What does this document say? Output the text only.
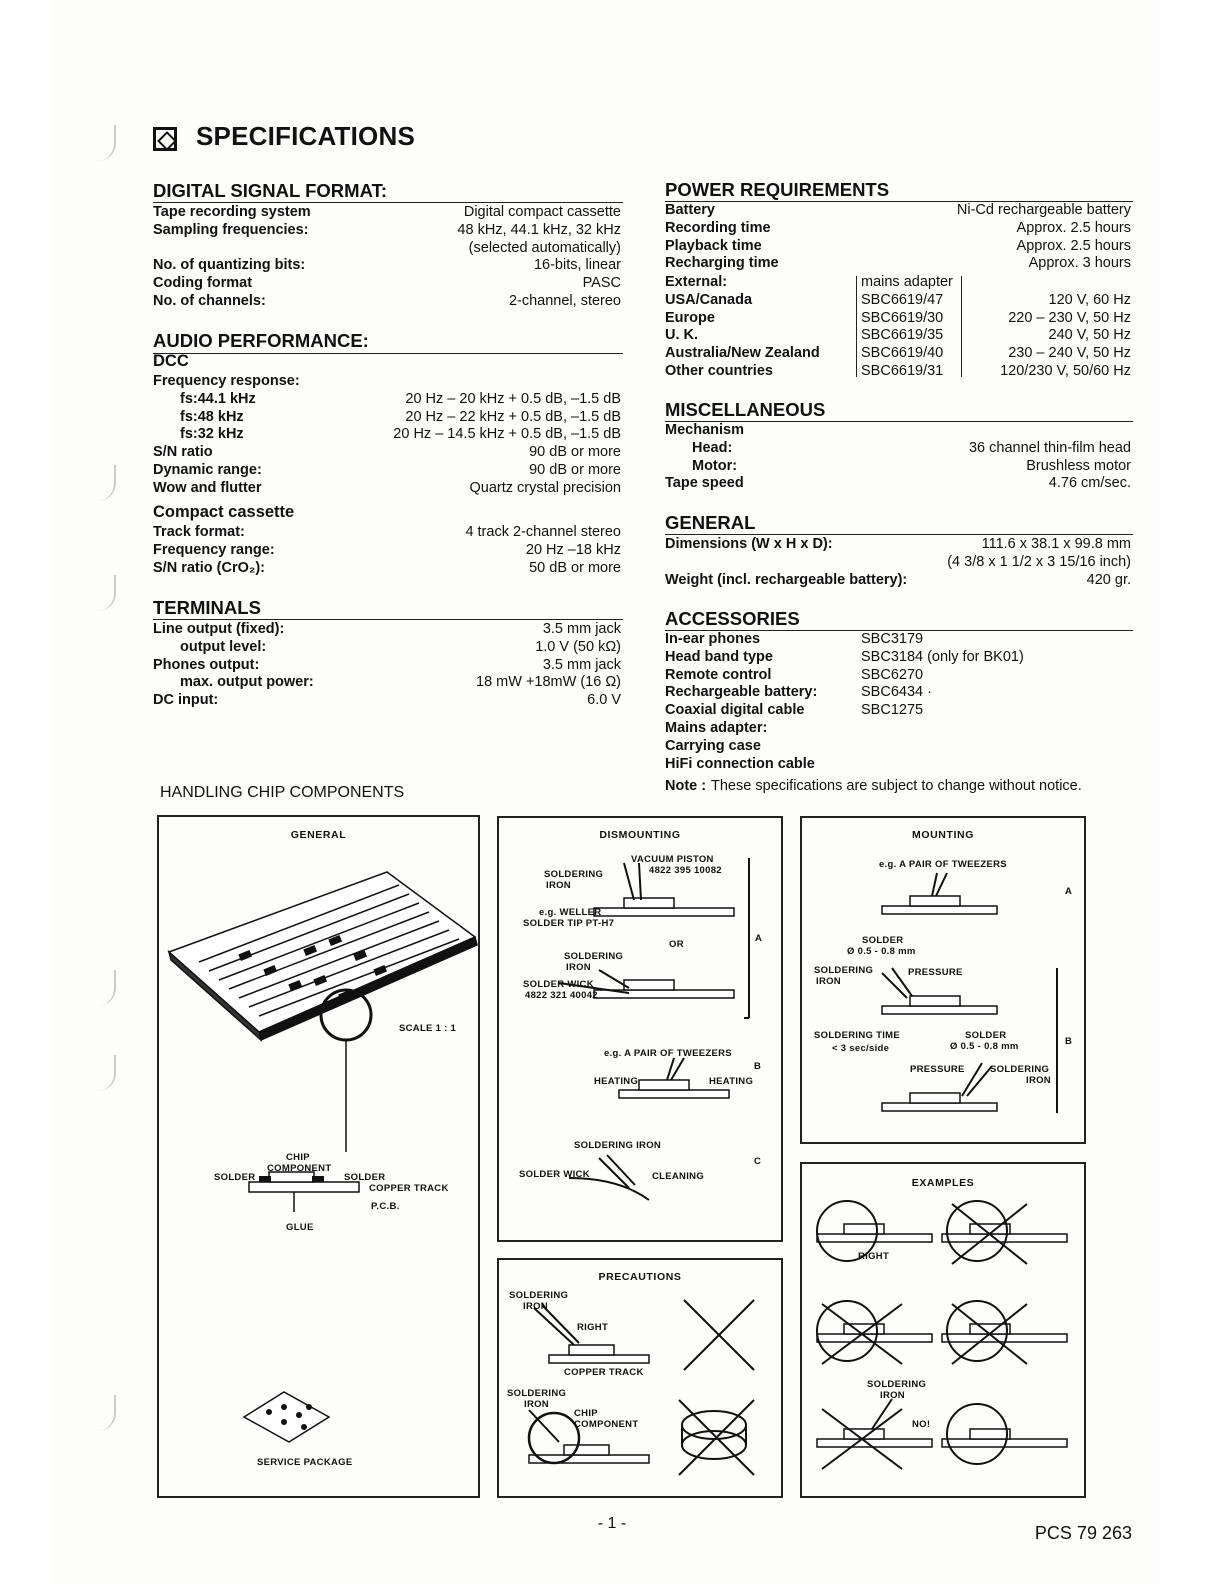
SPECIFICATIONS
DIGITAL SIGNAL FORMAT:
Tape recording system	Digital compact cassette
Sampling frequencies:	48 kHz, 44.1 kHz, 32 kHz
(selected automatically)
No. of quantizing bits:	16-bits, linear
Coding format	PASC
No. of channels:	2-channel, stereo
AUDIO PERFORMANCE:
DCC
Frequency response:
fs:44.1 kHz	20 Hz – 20 kHz + 0.5 dB, –1.5 dB
fs:48 kHz	20 Hz – 22 kHz + 0.5 dB, –1.5 dB
fs:32 kHz	20 Hz – 14.5 kHz + 0.5 dB, –1.5 dB
S/N ratio	90 dB or more
Dynamic range:	90 dB or more
Wow and flutter	Quartz crystal precision
Compact cassette
Track format:	4 track 2-channel stereo
Frequency range:	20 Hz –18 kHz
S/N ratio (CrO₂):	50 dB or more
TERMINALS
Line output (fixed):	3.5 mm jack
output level:	1.0 V (50 kΩ)
Phones output:	3.5 mm jack
max. output power:	18 mW +18mW (16 Ω)
DC input:	6.0 V
POWER REQUIREMENTS
Battery	Ni-Cd rechargeable battery
Recording time	Approx. 2.5 hours
Playback time	Approx. 2.5 hours
Recharging time	Approx. 3 hours
External:	mains adapter
USA/Canada	SBC6619/47	120 V, 60 Hz
Europe	SBC6619/30	220 – 230 V, 50 Hz
U. K.	SBC6619/35	240 V, 50 Hz
Australia/New Zealand	SBC6619/40	230 – 240 V, 50 Hz
Other countries	SBC6619/31	120/230 V, 50/60 Hz
MISCELLANEOUS
Mechanism
Head:	36 channel thin-film head
Motor:	Brushless motor
Tape speed	4.76 cm/sec.
GENERAL
Dimensions (W x H x D):	111.6 x 38.1 x 99.8 mm
(4 3/8 x 1 1/2 x 3 15/16 inch)
Weight (incl. rechargeable battery):	420 gr.
ACCESSORIES
In-ear phones	SBC3179
Head band type	SBC3184 (only for BK01)
Remote control	SBC6270
Rechargeable battery:	SBC6434 ·
Coaxial digital cable	SBC1275
Mains adapter:
Carrying case
HiFi connection cable
Note : These specifications are subject to change without notice.
HANDLING CHIP COMPONENTS
GENERAL
SCALE 1 : 1
CHIP
COMPONENT
SOLDER	SOLDER
COPPER TRACK
P.C.B.
GLUE
SERVICE PACKAGE
DISMOUNTING
VACUUM PISTON
4822 395 10082
SOLDERING
IRON
e.g. WELLER
SOLDER TIP PT-H7
OR
A
SOLDERING
IRON
SOLDER WICK
4822 321 40042
e.g. A PAIR OF TWEEZERS
B
HEATING	HEATING
SOLDERING IRON
C
SOLDER WICK	CLEANING
MOUNTING
e.g. A PAIR OF TWEEZERS
A
SOLDER
Ø 0.5 - 0.8 mm
SOLDERING
IRON
PRESSURE
SOLDERING TIME
< 3 sec/side
SOLDER
Ø 0.5 - 0.8 mm	B
PRESSURE	SOLDERING
IRON
PRECAUTIONS
SOLDERING
IRON
RIGHT
COPPER TRACK
SOLDERING
IRON
CHIP
COMPONENT
EXAMPLES
RIGHT
SOLDERING
IRON
NO!
- 1 -	PCS 79 263
